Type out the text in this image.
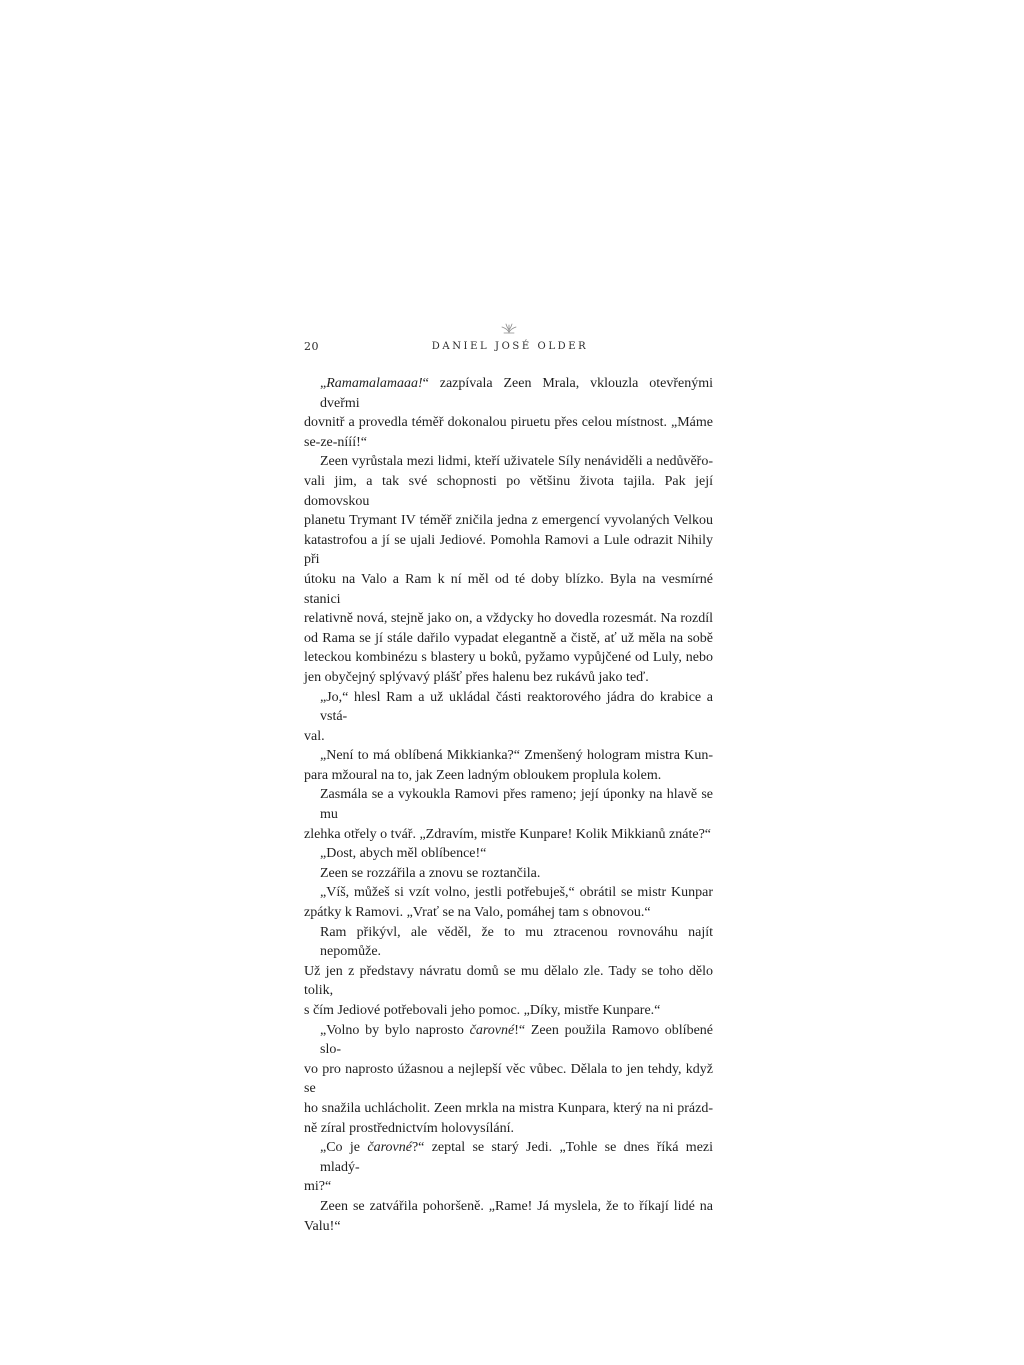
20	DANIEL JOSÉ OLDER

„Ramamalamaaa!“ zazpívala Zeen Mrala, vklouzla otevřenými dveřmi
dovnitř a provedla téměř dokonalou piruetu přes celou místnost. „Máme
se-ze-nííí!“

Zeen vyrůstala mezi lidmi, kteří uživatele Síly nenáviděli a nedůvěřo-
vali jim, a tak své schopnosti po většinu života tajila. Pak její domovskou
planetu Trymant IV téměř zničila jedna z emergencí vyvolaných Velkou
katastrofou a jí se ujali Jediové. Pomohla Ramovi a Lule odrazit Nihily při
útoku na Valo a Ram k ní měl od té doby blízko. Byla na vesmírné stanici
relativně nová, stejně jako on, a vždycky ho dovedla rozesmát. Na rozdíl
od Rama se jí stále dařilo vypadat elegantně a čistě, ať už měla na sobě
leteckou kombinézu s blastery u boků, pyžamo vypůjčené od Luly, nebo
jen obyčejný splývavý plášť přes halenu bez rukávů jako teď.

„Jo,“ hlesl Ram a už ukládal části reaktorového jádra do krabice a vstá-
val.

„Není to má oblíbená Mikkianka?“ Zmenšený hologram mistra Kun-
para mžoural na to, jak Zeen ladným obloukem proplula kolem.

Zasmála se a vykoukla Ramovi přes rameno; její úponky na hlavě se mu
zlehka otřely o tvář. „Zdravím, mistře Kunpare! Kolik Mikkianů znáte?“

„Dost, abych měl oblíbence!“

Zeen se rozzářila a znovu se roztančila.

„Víš, můžeš si vzít volno, jestli potřebuješ,“ obrátil se mistr Kunpar
zpátky k Ramovi. „Vrať se na Valo, pomáhej tam s obnovou.“

Ram přikývl, ale věděl, že to mu ztracenou rovnováhu najít nepomůže.
Už jen z představy návratu domů se mu dělalo zle. Tady se toho dělo tolik,
s čím Jediové potřebovali jeho pomoc. „Díky, mistře Kunpare.“

„Volno by bylo naprosto čarovné!“ Zeen použila Ramovo oblíbené slo-
vo pro naprosto úžasnou a nejlepší věc vůbec. Dělala to jen tehdy, když se
ho snažila uchlácholit. Zeen mrkla na mistra Kunpara, který na ni prázd-
ně zíral prostřednictvím holovysílání.

„Co je čarovné?“ zeptal se starý Jedi. „Tohle se dnes říká mezi mladý-
mi?“

Zeen se zatvářila pohoršeně. „Rame! Já myslela, že to říkají lidé na
Valu!“
